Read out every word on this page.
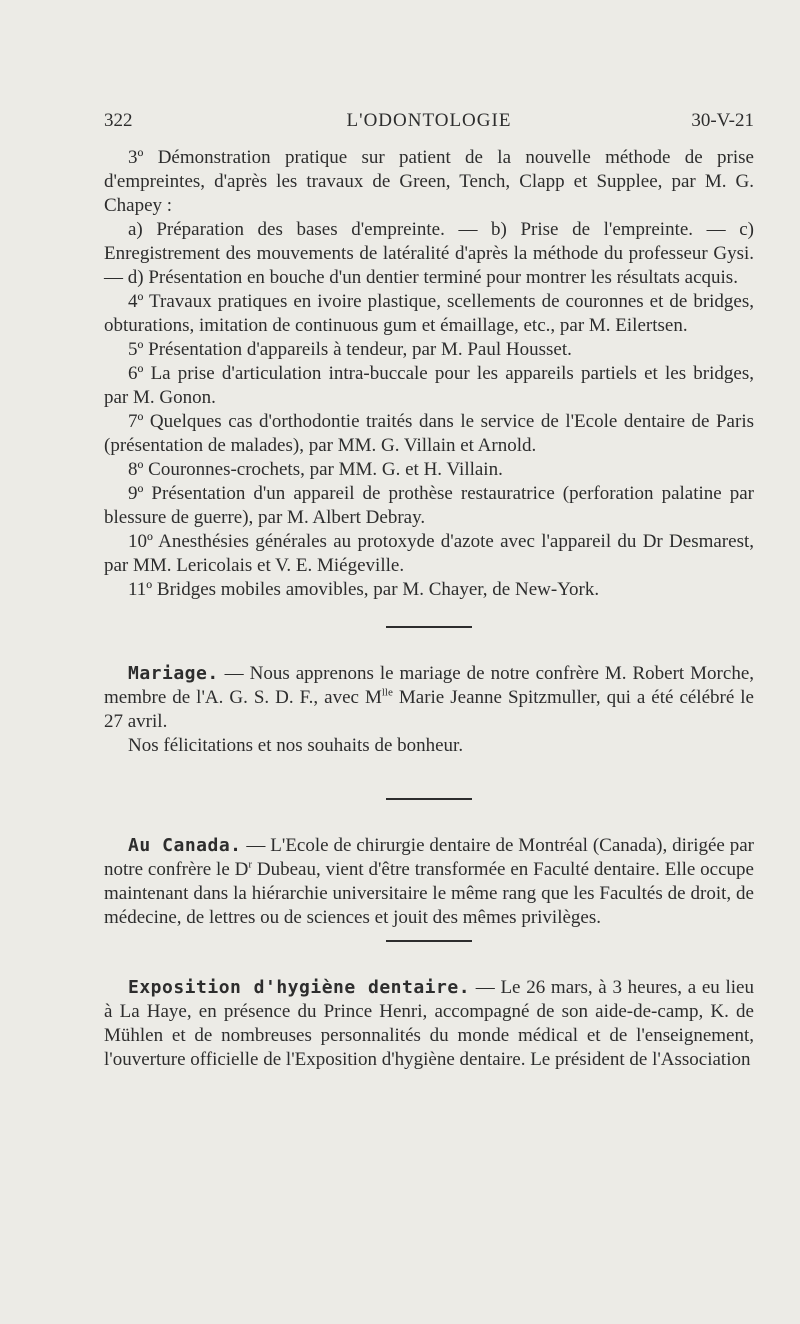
322	L'ODONTOLOGIE	30-V-21

3º Démonstration pratique sur patient de la nouvelle méthode de prise d'empreintes, d'après les travaux de Green, Tench, Clapp et Supplee, par M. G. Chapey :

a) Préparation des bases d'empreinte. — b) Prise de l'empreinte. — c) Enregistrement des mouvements de latéralité d'après la méthode du professeur Gysi. — d) Présentation en bouche d'un dentier terminé pour montrer les résultats acquis.

4º Travaux pratiques en ivoire plastique, scellements de couronnes et de bridges, obturations, imitation de continuous gum et émaillage, etc., par M. Eilertsen.

5º Présentation d'appareils à tendeur, par M. Paul Housset.

6º La prise d'articulation intra-buccale pour les appareils partiels et les bridges, par M. Gonon.

7º Quelques cas d'orthodontie traités dans le service de l'Ecole dentaire de Paris (présentation de malades), par MM. G. Villain et Arnold.

8º Couronnes-crochets, par MM. G. et H. Villain.

9º Présentation d'un appareil de prothèse restauratrice (perforation palatine par blessure de guerre), par M. Albert Debray.

10º Anesthésies générales au protoxyde d'azote avec l'appareil du Dr Desmarest, par MM. Lericolais et V. E. Miégeville.

11º Bridges mobiles amovibles, par M. Chayer, de New-York.

Mariage. — Nous apprenons le mariage de notre confrère M. Robert Morche, membre de l'A. G. S. D. F., avec $M^{lle}$ Marie Jeanne Spitzmuller, qui a été célébré le 27 avril.

Nos félicitations et nos souhaits de bonheur.

Au Canada. — L'Ecole de chirurgie dentaire de Montréal (Canada), dirigée par notre confrère le $D^r$ Dubeau, vient d'être transformée en Faculté dentaire. Elle occupe maintenant dans la hiérarchie universitaire le même rang que les Facultés de droit, de médecine, de lettres ou de sciences et jouit des mêmes privilèges.

Exposition d'hygiène dentaire. — Le 26 mars, à 3 heures, a eu lieu à La Haye, en présence du Prince Henri, accompagné de son aide-de-camp, K. de Mühlen et de nombreuses personnalités du monde médical et de l'enseignement, l'ouverture officielle de l'Exposition d'hygiène dentaire. Le président de l'Association
